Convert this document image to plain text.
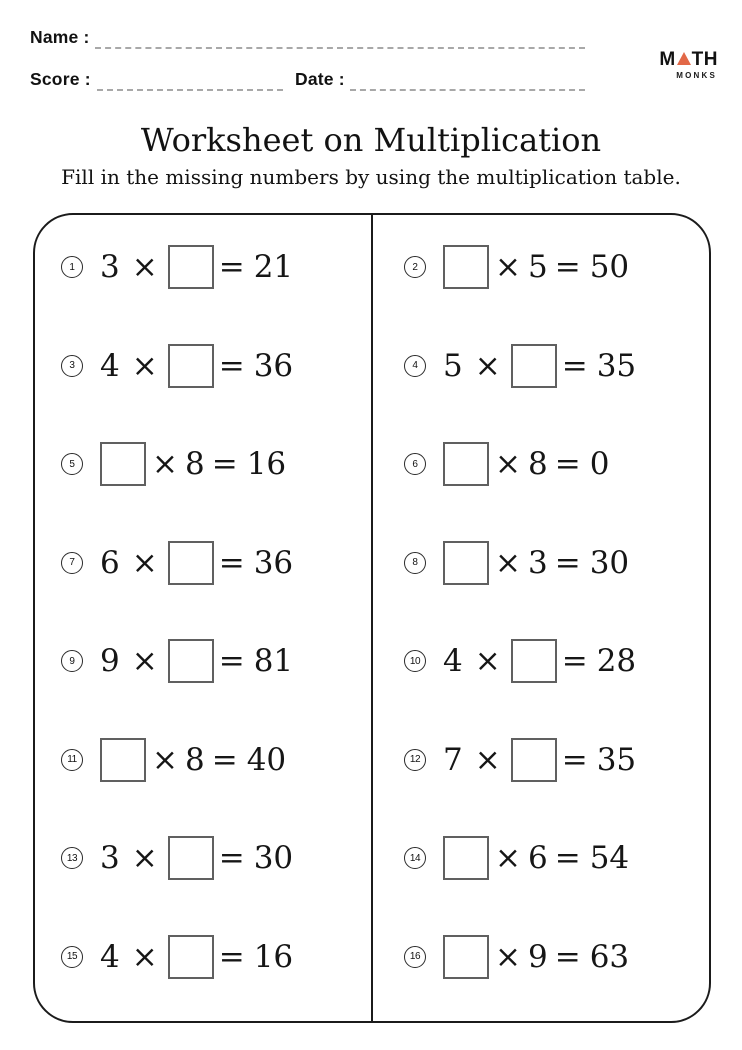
Name :
Score :	Date :
M TH
MONKS
Worksheet on Multiplication
Fill in the missing numbers by using the multiplication table.
1 3 × = 21
3 4 × = 36
5 × 8 = 16
7 6 × = 36
9 9 × = 81
11 × 8 = 40
13 3 × = 30
15 4 × = 16
2 × 5 = 50
4 5 × = 35
6 × 8 = 0
8 × 3 = 30
10 4 × = 28
12 7 × = 35
14 × 6 = 54
16 × 9 = 63
